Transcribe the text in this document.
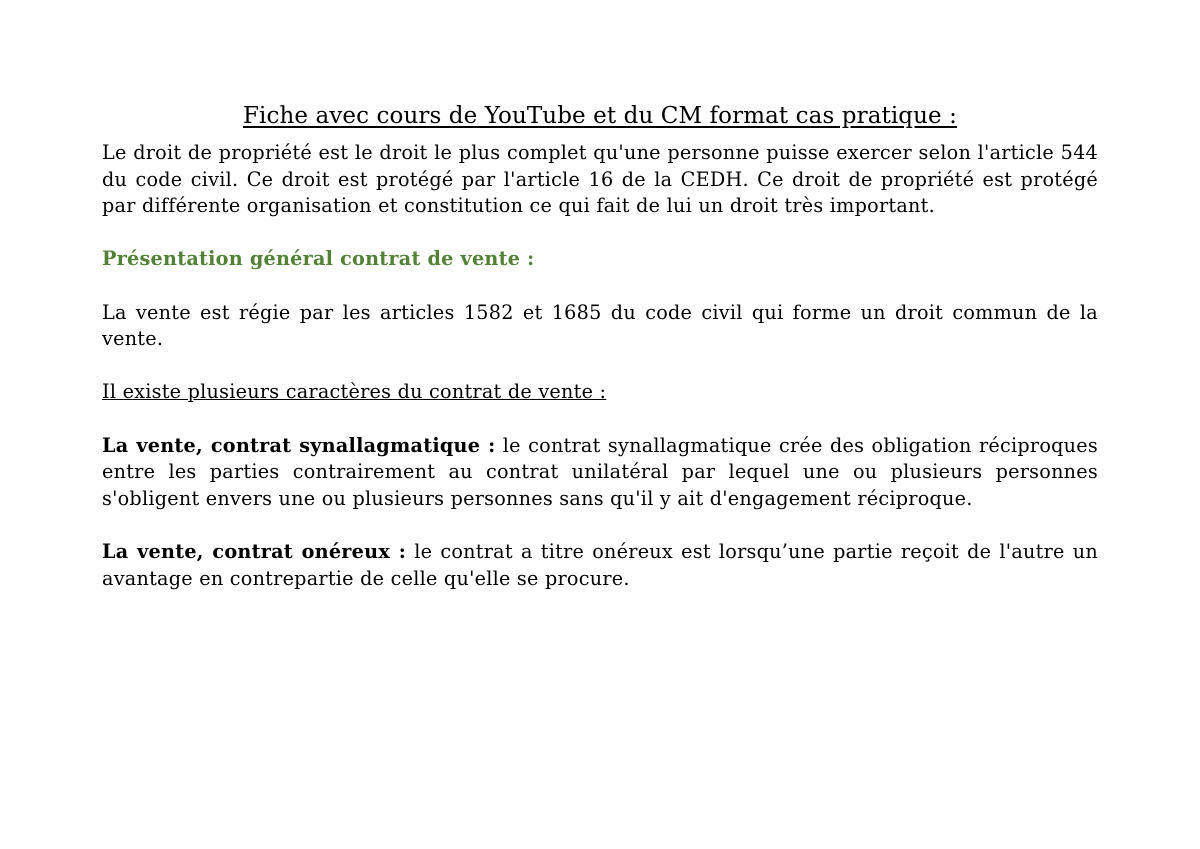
Fiche avec cours de YouTube et du CM format cas pratique :

Le droit de propriété est le droit le plus complet qu'une personne puisse exercer selon l'article 544 du code civil. Ce droit est protégé par l'article 16 de la CEDH. Ce droit de propriété est protégé par différente organisation et constitution ce qui fait de lui un droit très important.

Présentation général contrat de vente :

La vente est régie par les articles 1582 et 1685 du code civil qui forme un droit commun de la vente.

Il existe plusieurs caractères du contrat de vente :

La vente, contrat synallagmatique : le contrat synallagmatique crée des obligation réciproques entre les parties contrairement au contrat unilatéral par lequel une ou plusieurs personnes s'obligent envers une ou plusieurs personnes sans qu'il y ait d'engagement réciproque.

La vente, contrat onéreux : le contrat a titre onéreux est lorsqu’une partie reçoit de l'autre un avantage en contrepartie de celle qu'elle se procure.
